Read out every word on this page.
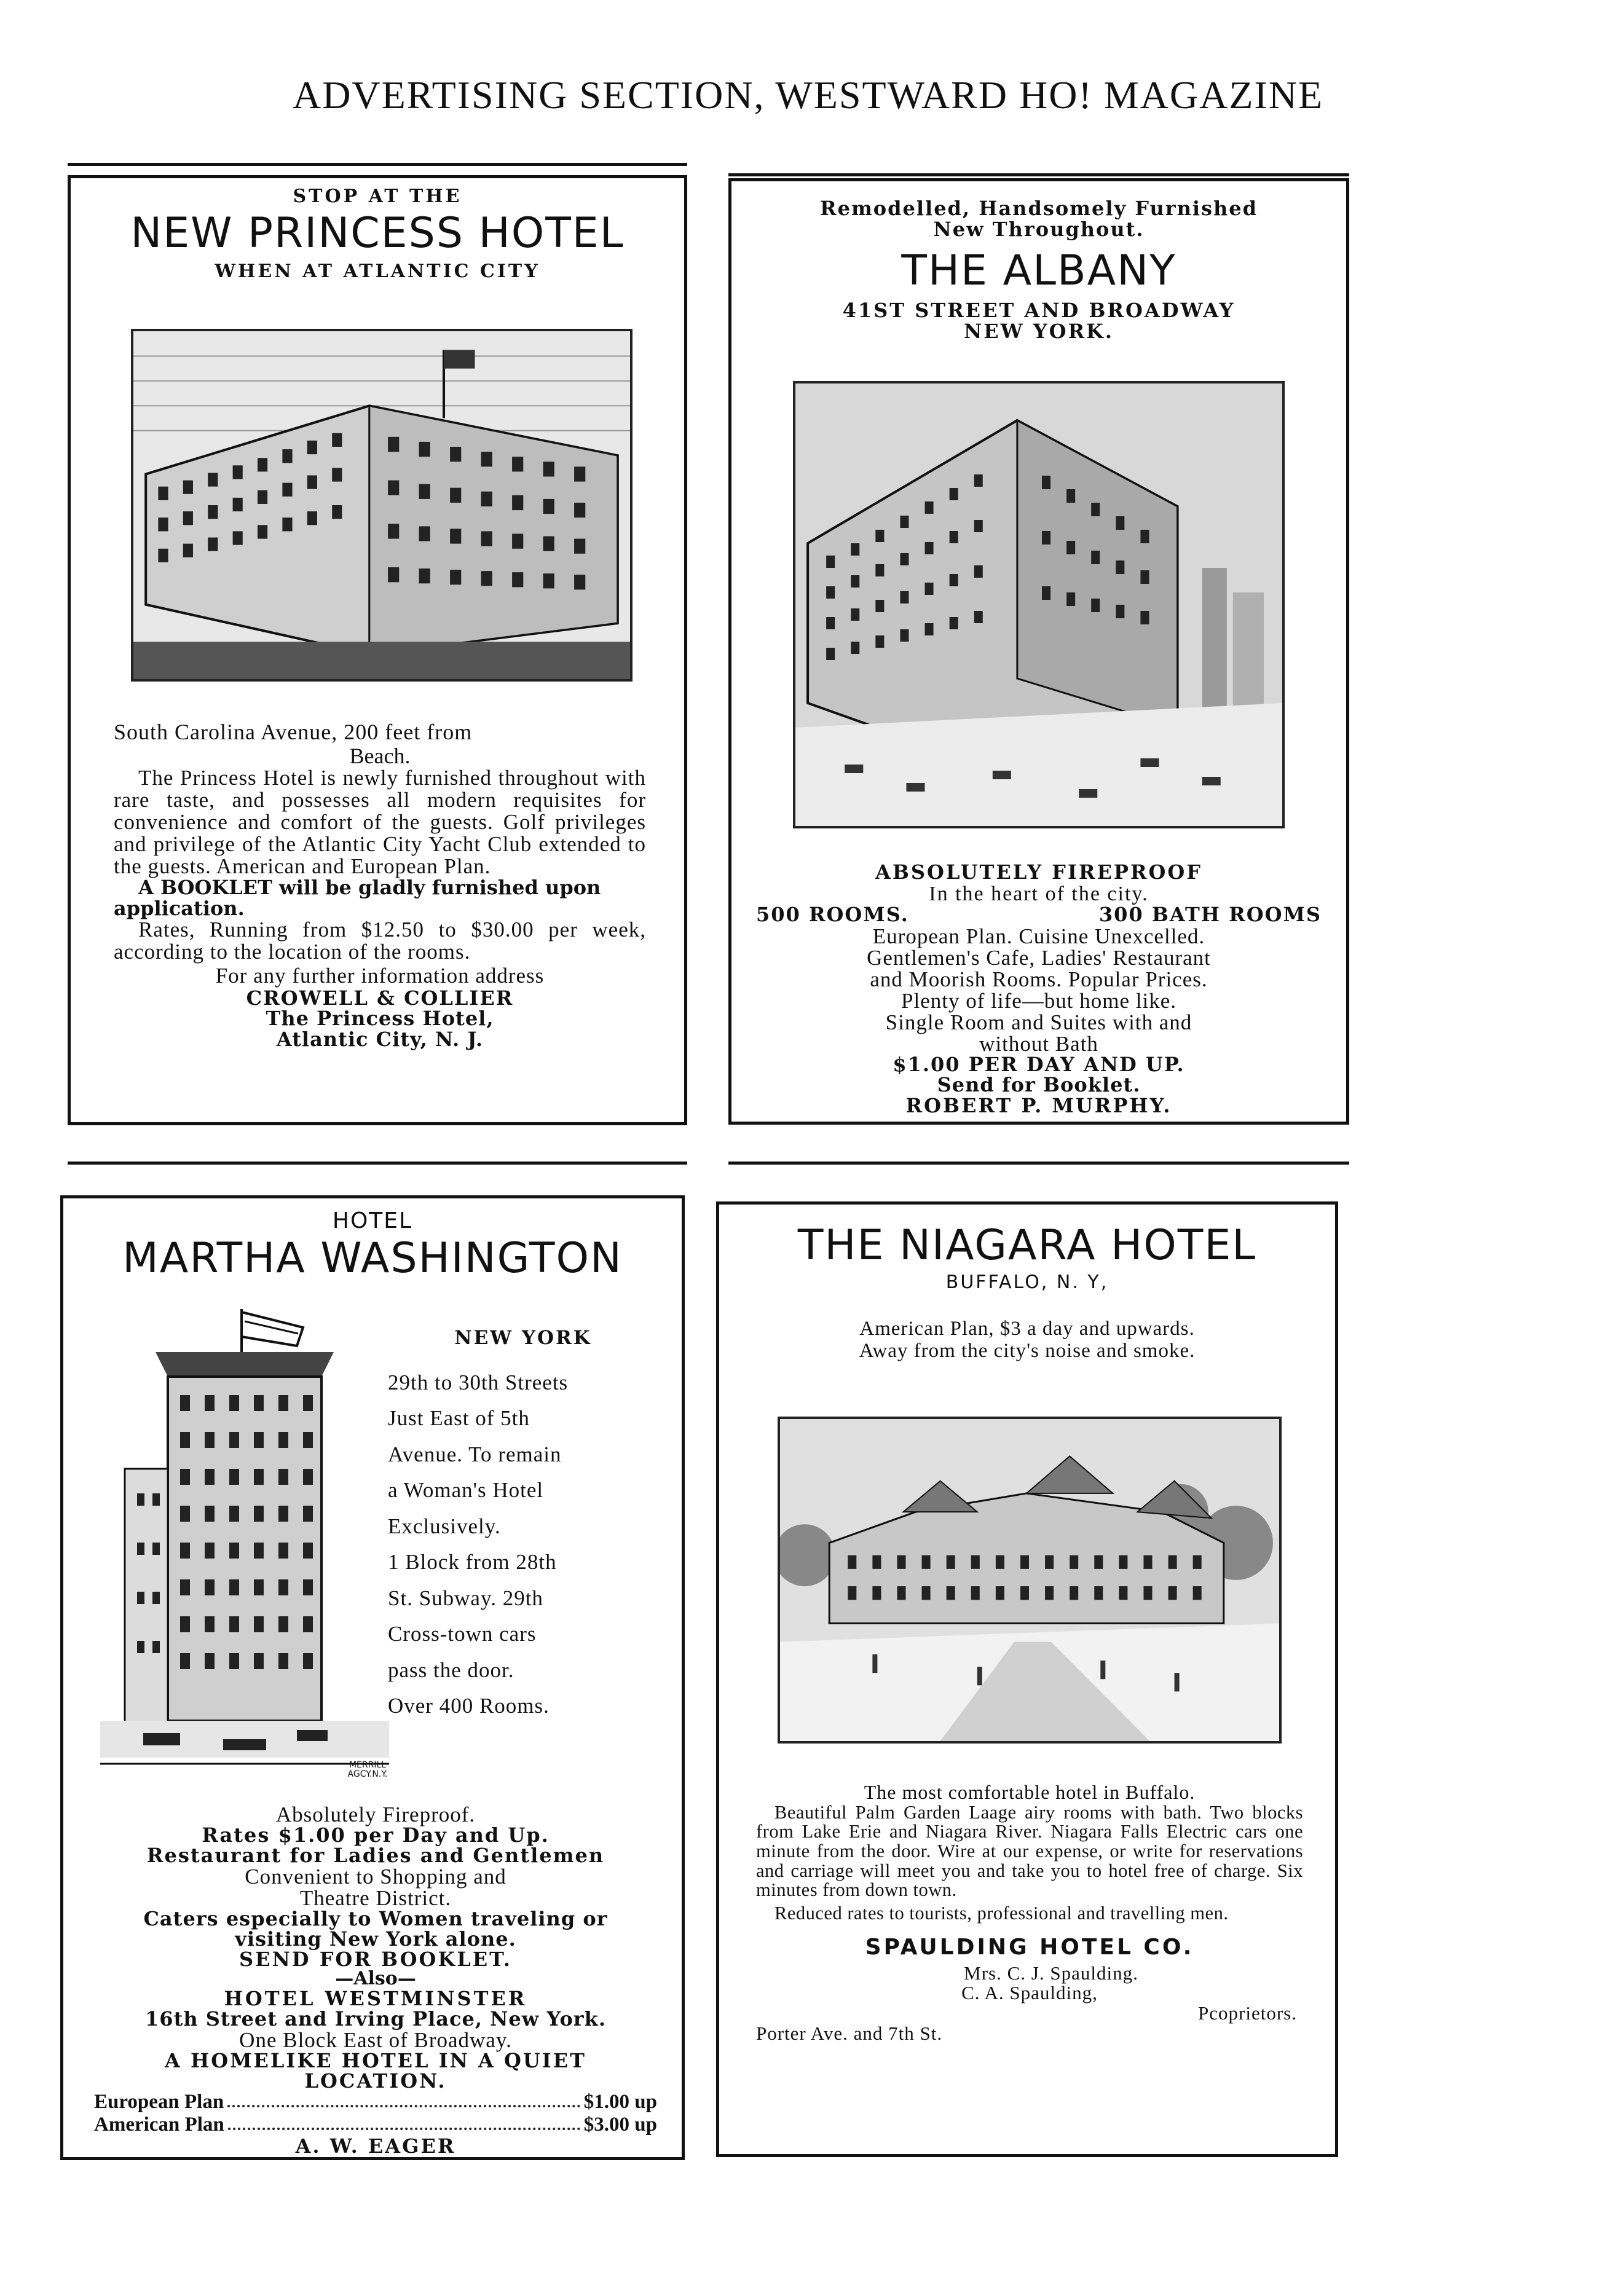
ADVERTISING SECTION, WESTWARD HO! MAGAZINE
STOP AT THE
NEW PRINCESS HOTEL
WHEN AT ATLANTIC CITY
South Carolina Avenue, 200 feet from
Beach.
The Princess Hotel is newly furnished throughout with rare taste, and possesses all modern requisites for convenience and comfort of the guests. Golf privileges and privilege of the Atlantic City Yacht Club extended to the guests. American and European Plan.
A BOOKLET will be gladly furnished upon application.
Rates, Running from $12.50 to $30.00 per week, according to the location of the rooms.
For any further information address
CROWELL & COLLIER
The Princess Hotel,
Atlantic City, N. J.
Remodelled, Handsomely Furnished
New Throughout.
THE ALBANY
41ST STREET AND BROADWAY
NEW YORK.
ABSOLUTELY FIREPROOF
In the heart of the city.
500 ROOMS.	300 BATH ROOMS
European Plan. Cuisine Unexcelled.
Gentlemen's Cafe, Ladies' Restaurant
and Moorish Rooms. Popular Prices.
Plenty of life—but home like.
Single Room and Suites with and
without Bath
$1.00 PER DAY AND UP.
Send for Booklet.
ROBERT P. MURPHY.
HOTEL
MARTHA WASHINGTON
MERRILL AGCY.N.Y.
NEW YORK
29th to 30th Streets
Just East of 5th
Avenue. To remain
a Woman's Hotel
Exclusively.
1 Block from 28th
St. Subway. 29th
Cross-town cars
pass the door.
Over 400 Rooms.
Absolutely Fireproof.
Rates $1.00 per Day and Up.
Restaurant for Ladies and Gentlemen
Convenient to Shopping and
Theatre District.
Caters especially to Women traveling or
visiting New York alone.
SEND FOR BOOKLET.
—Also—
HOTEL WESTMINSTER
16th Street and Irving Place, New York.
One Block East of Broadway.
A HOMELIKE HOTEL IN A QUIET
LOCATION.
European Plan	$1.00 up
American Plan	$3.00 up
A. W. EAGER
THE NIAGARA HOTEL
BUFFALO, N. Y,
American Plan, $3 a day and upwards.
Away from the city's noise and smoke.
The most comfortable hotel in Buffalo.
Beautiful Palm Garden Laage airy rooms with bath. Two blocks from Lake Erie and Niagara River. Niagara Falls Electric cars one minute from the door. Wire at our expense, or write for reservations and carriage will meet you and take you to hotel free of charge. Six minutes from down town.
Reduced rates to tourists, professional and travelling men.
SPAULDING HOTEL CO.
Mrs. C. J. Spaulding.
C. A. Spaulding,
Pcoprietors.
Porter Ave. and 7th St.
